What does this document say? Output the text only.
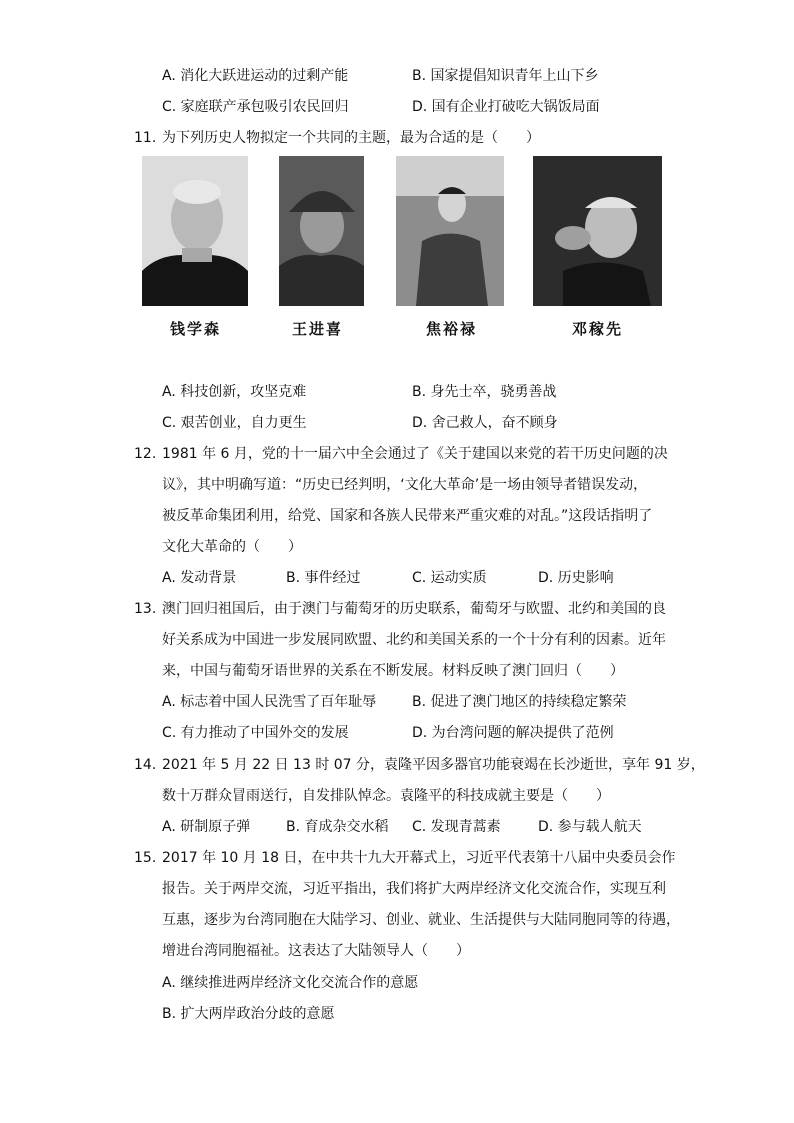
A. 消化大跃进运动的过剩产能	B. 国家提倡知识青年上山下乡
C. 家庭联产承包吸引农民回归	D. 国有企业打破吃大锅饭局面
11. 为下列历史人物拟定一个共同的主题，最为合适的是（　　）
钱学森	王进喜	焦裕禄	邓稼先
A. 科技创新，攻坚克难	B. 身先士卒，骁勇善战
C. 艰苦创业，自力更生	D. 舍己救人，奋不顾身
12. 1981 年 6 月，党的十一届六中全会通过了《关于建国以来党的若干历史问题的决
议》，其中明确写道：“历史已经判明，‘文化大革命’是一场由领导者错误发动，
被反革命集团利用，给党、国家和各族人民带来严重灾难的对乱。”这段话指明了
文化大革命的（　　）
A. 发动背景	B. 事件经过	C. 运动实质	D. 历史影响
13. 澳门回归祖国后，由于澳门与葡萄牙的历史联系，葡萄牙与欧盟、北约和美国的良
好关系成为中国进一步发展同欧盟、北约和美国关系的一个十分有利的因素。近年
来，中国与葡萄牙语世界的关系在不断发展。材料反映了澳门回归（　　）
A. 标志着中国人民洗雪了百年耻辱	B. 促进了澳门地区的持续稳定繁荣
C. 有力推动了中国外交的发展	D. 为台湾问题的解决提供了范例
14. 2021 年 5 月 22 日 13 时 07 分，袁隆平因多器官功能衰竭在长沙逝世，享年 91 岁，
数十万群众冒雨送行，自发排队悼念。袁隆平的科技成就主要是（　　）
A. 研制原子弹	B. 育成杂交水稻 C. 发现青蒿素	D. 参与载人航天
15. 2017 年 10 月 18 日，在中共十九大开幕式上，习近平代表第十八届中央委员会作
报告。关于两岸交流，习近平指出，我们将扩大两岸经济文化交流合作，实现互利
互惠，逐步为台湾同胞在大陆学习、创业、就业、生活提供与大陆同胞同等的待遇，
增进台湾同胞福祉。这表达了大陆领导人（　　）
A. 继续推进两岸经济文化交流合作的意愿
B. 扩大两岸政治分歧的意愿
